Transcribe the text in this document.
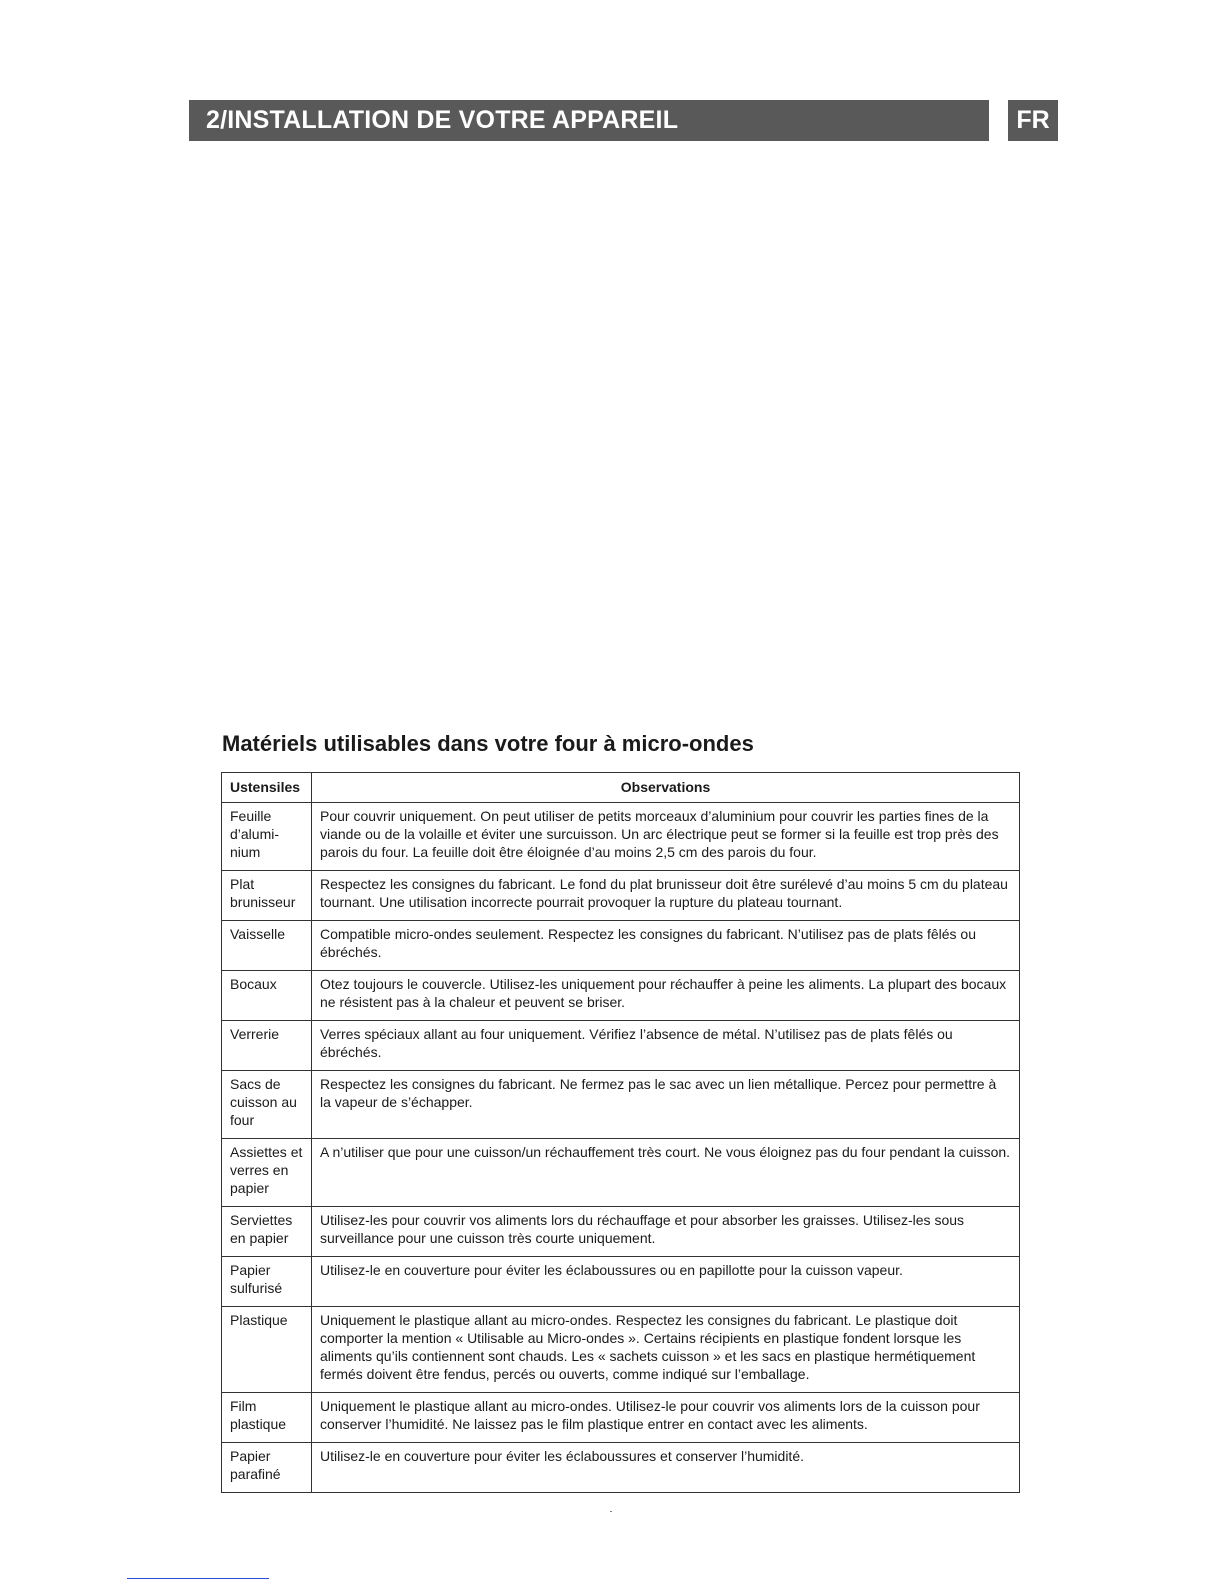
2/INSTALLATION DE VOTRE APPAREIL	FR
Matériels utilisables dans votre four à micro-ondes
Ustensiles	Observations
Feuille d’alumi-nium	Pour couvrir uniquement. On peut utiliser de petits morceaux d’aluminium pour couvrir les parties fines de la viande ou de la volaille et éviter une surcuisson. Un arc électrique peut se former si la feuille est trop près des parois du four. La feuille doit être éloignée d’au moins 2,5 cm des parois du four.
Plat brunisseur	Respectez les consignes du fabricant. Le fond du plat brunisseur doit être surélevé d’au moins 5 cm du plateau tournant. Une utilisation incorrecte pourrait provoquer la rupture du plateau tournant.
Vaisselle	Compatible micro-ondes seulement. Respectez les consignes du fabricant. N’utilisez pas de plats fêlés ou ébréchés.
Bocaux	Otez toujours le couvercle. Utilisez-les uniquement pour réchauffer à peine les aliments. La plupart des bocaux ne résistent pas à la chaleur et peuvent se briser.
Verrerie	Verres spéciaux allant au four uniquement. Vérifiez l’absence de métal. N’utilisez pas de plats fêlés ou ébréchés.
Sacs de cuisson au four	Respectez les consignes du fabricant. Ne fermez pas le sac avec un lien métallique. Percez pour permettre à la vapeur de s’échapper.
Assiettes et verres en papier	A n’utiliser que pour une cuisson/un réchauffement très court. Ne vous éloignez pas du four pendant la cuisson.
Serviettes en papier	Utilisez-les pour couvrir vos aliments lors du réchauffage et pour absorber les graisses. Utilisez-les sous surveillance pour une cuisson très courte uniquement.
Papier sulfurisé	Utilisez-le en couverture pour éviter les éclaboussures ou en papillotte pour la cuisson vapeur.
Plastique	Uniquement le plastique allant au micro-ondes. Respectez les consignes du fabricant. Le plastique doit comporter la mention « Utilisable au Micro-ondes ». Certains récipients en plastique fondent lorsque les aliments qu’ils contiennent sont chauds. Les « sachets cuisson » et les sacs en plastique hermétiquement fermés doivent être fendus, percés ou ouverts, comme indiqué sur l’emballage.
Film plastique	Uniquement le plastique allant au micro-ondes. Utilisez-le pour couvrir vos aliments lors de la cuisson pour conserver l’humidité. Ne laissez pas le film plastique entrer en contact avec les aliments.
Papier parafiné	Utilisez-le en couverture pour éviter les éclaboussures et conserver l’humidité.
